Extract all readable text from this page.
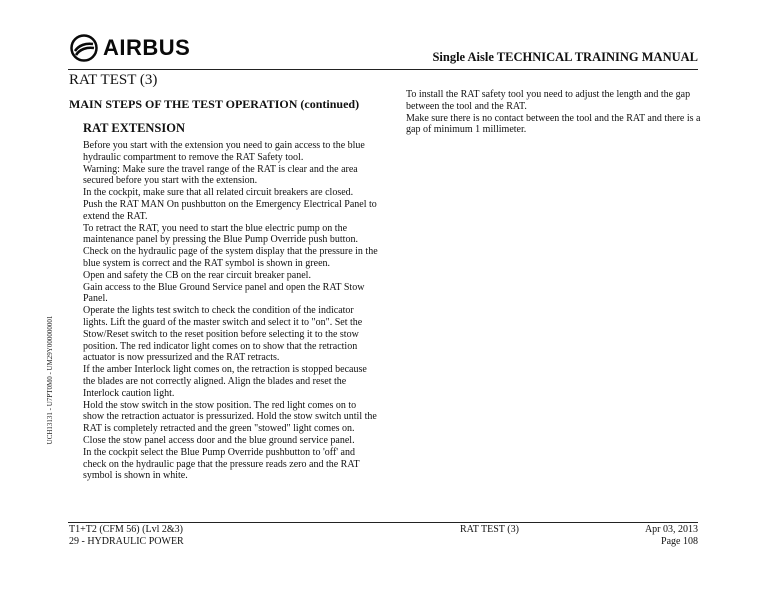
AIRBUS	Single Aisle TECHNICAL TRAINING MANUAL
RAT TEST (3)
MAIN STEPS OF THE TEST OPERATION (continued)
RAT EXTENSION

Before you start with the extension you need to gain access to the blue hydraulic compartment to remove the RAT Safety tool.

Warning: Make sure the travel range of the RAT is clear and the area secured before you start with the extension.

In the cockpit, make sure that all related circuit breakers are closed.

Push the RAT MAN On pushbutton on the Emergency Electrical Panel to extend the RAT.

To retract the RAT, you need to start the blue electric pump on the maintenance panel by pressing the Blue Pump Override push button.

Check on the hydraulic page of the system display that the pressure in the blue system is correct and the RAT symbol is shown in green.

Open and safety the CB on the rear circuit breaker panel.

Gain access to the Blue Ground Service panel and open the RAT Stow Panel.

Operate the lights test switch to check the condition of the indicator lights. Lift the guard of the master switch and select it to "on". Set the Stow/Reset switch to the reset position before selecting it to the stow position. The red indicator light comes on to show that the retraction actuator is now pressurized and the RAT retracts.

If the amber Interlock light comes on, the retraction is stopped because the blades are not correctly aligned. Align the blades and reset the Interlock caution light.

Hold the stow switch in the stow position. The red light comes on to show the retraction actuator is pressurized. Hold the stow switch until the RAT is completely retracted and the green "stowed" light comes on.

Close the stow panel access door and the blue ground service panel.

In the cockpit select the Blue Pump Override pushbutton to 'off' and check on the hydraulic page that the pressure reads zero and the RAT symbol is shown in white.

To install the RAT safety tool you need to adjust the length and the gap between the tool and the RAT.

Make sure there is no contact between the tool and the RAT and there is a gap of minimum 1 millimeter.

UCH13131 - U7PT0M0 - UM29Y000000001
T1+T2 (CFM 56) (Lvl 2&3)
29 - HYDRAULIC POWER
RAT TEST (3)	Apr 03, 2013
Page 108
